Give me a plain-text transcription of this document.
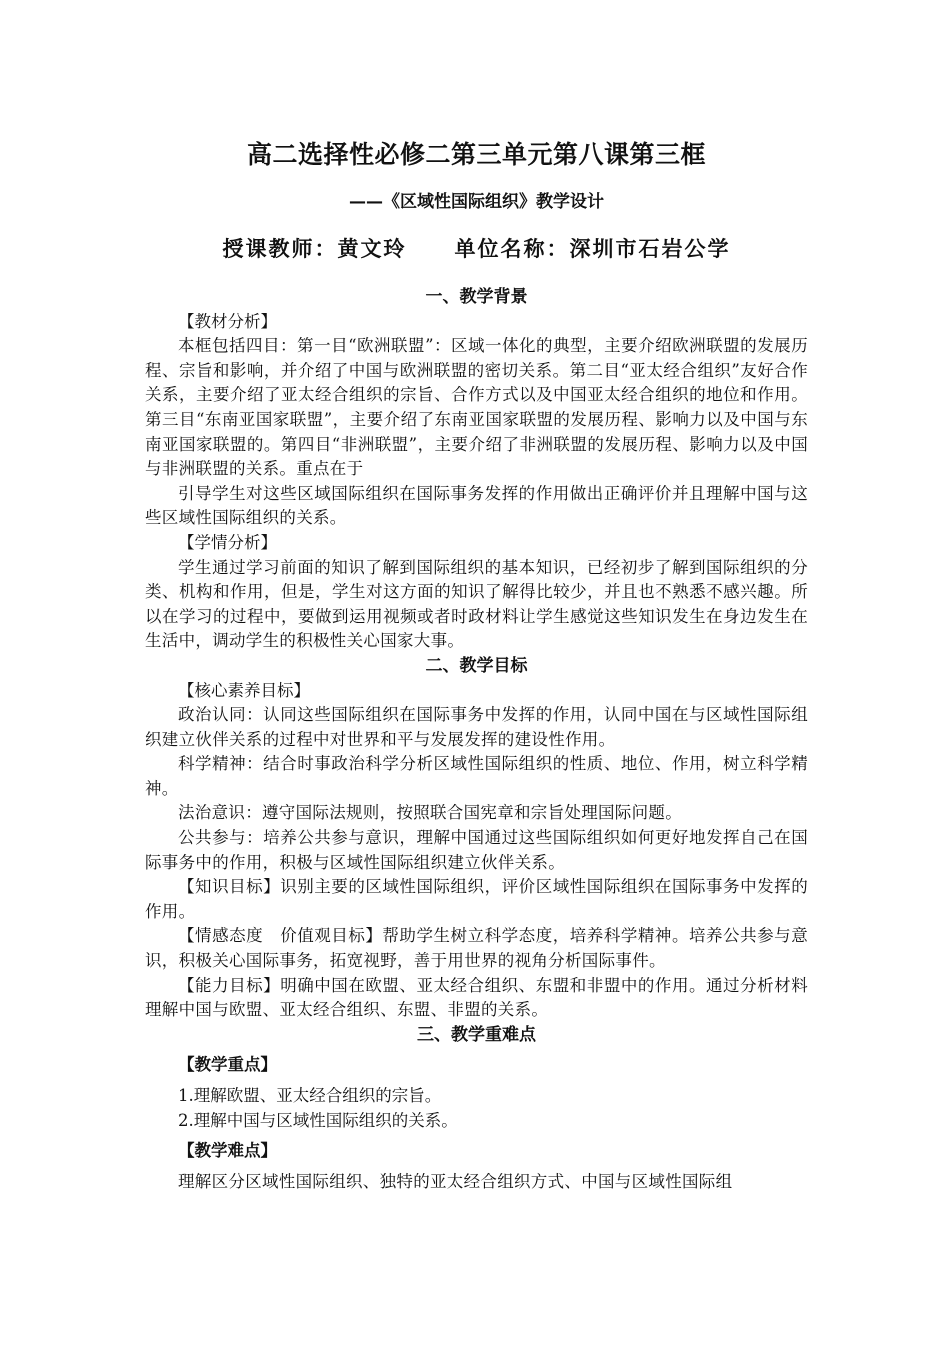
高二选择性必修二第三单元第八课第三框
——《区域性国际组织》教学设计
授课教师：黄文玲 单位名称：深圳市石岩公学
一、教学背景
【教材分析】

本框包括四目：第一目“欧洲联盟”：区域一体化的典型，主要介绍欧洲联盟的发展历程、宗旨和影响，并介绍了中国与欧洲联盟的密切关系。第二目“亚太经合组织”友好合作关系，主要介绍了亚太经合组织的宗旨、合作方式以及中国亚太经合组织的地位和作用。第三目“东南亚国家联盟”，主要介绍了东南亚国家联盟的发展历程、影响力以及中国与东南亚国家联盟的。第四目“非洲联盟”，主要介绍了非洲联盟的发展历程、影响力以及中国与非洲联盟的关系。重点在于

引导学生对这些区域国际组织在国际事务发挥的作用做出正确评价并且理解中国与这些区域性国际组织的关系。

【学情分析】

学生通过学习前面的知识了解到国际组织的基本知识，已经初步了解到国际组织的分类、机构和作用，但是，学生对这方面的知识了解得比较少，并且也不熟悉不感兴趣。所以在学习的过程中，要做到运用视频或者时政材料让学生感觉这些知识发生在身边发生在生活中，调动学生的积极性关心国家大事。

二、教学目标
【核心素养目标】

政治认同：认同这些国际组织在国际事务中发挥的作用，认同中国在与区域性国际组织建立伙伴关系的过程中对世界和平与发展发挥的建设性作用。

科学精神：结合时事政治科学分析区域性国际组织的性质、地位、作用，树立科学精神。

法治意识：遵守国际法规则，按照联合国宪章和宗旨处理国际问题。

公共参与：培养公共参与意识，理解中国通过这些国际组织如何更好地发挥自己在国际事务中的作用，积极与区域性国际组织建立伙伴关系。

【知识目标】识别主要的区域性国际组织，评价区域性国际组织在国际事务中发挥的作用。

【情感态度　价值观目标】帮助学生树立科学态度，培养科学精神。培养公共参与意识，积极关心国际事务，拓宽视野，善于用世界的视角分析国际事件。

【能力目标】明确中国在欧盟、亚太经合组织、东盟和非盟中的作用。通过分析材料理解中国与欧盟、亚太经合组织、东盟、非盟的关系。

三、教学重难点
【教学重点】
1.理解欧盟、亚太经合组织的宗旨。
2.理解中国与区域性国际组织的关系。
【教学难点】

理解区分区域性国际组织、独特的亚太经合组织方式、中国与区域性国际组
